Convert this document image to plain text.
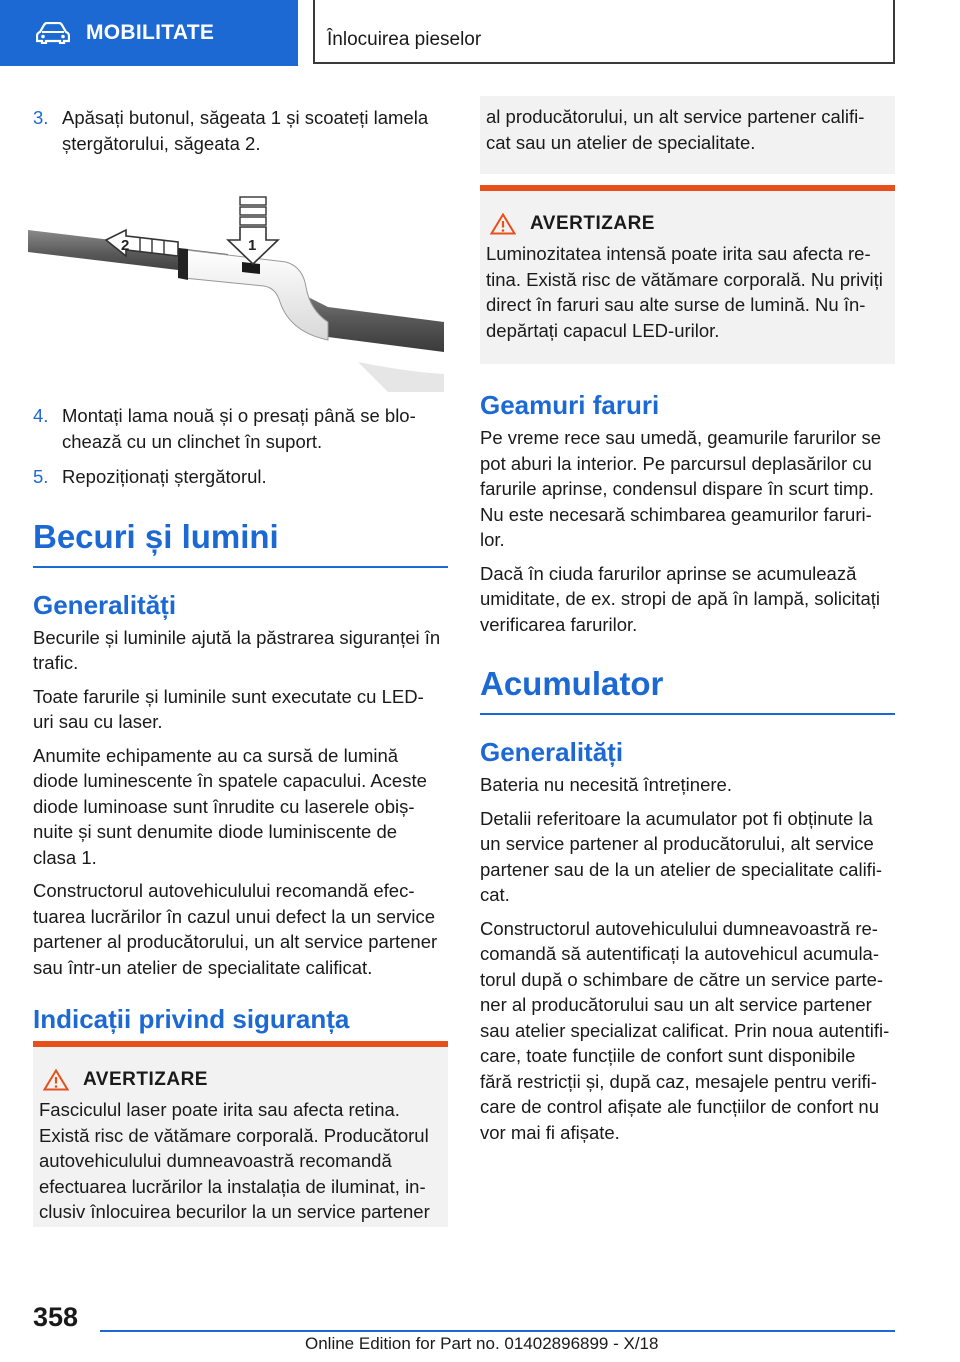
MOBILITATE	Înlocuirea pieselor
3. Apăsați butonul, săgeata 1 și scoateți lamela
ștergătorului, săgeata 2.
2	1
4. Montați lama nouă și o presați până se blo-
chează cu un clinchet în suport.
5. Repoziționați ștergătorul.
Becuri și lumini
Generalități

Becurile și luminile ajută la păstrarea siguranței în
trafic.

Toate farurile și luminile sunt executate cu LED-
uri sau cu laser.

Anumite echipamente au ca sursă de lumină
diode luminescente în spatele capacului. Aceste
diode luminoase sunt înrudite cu laserele obiș-
nuite și sunt denumite diode luminiscente de
clasa 1.

Constructorul autovehiculului recomandă efec-
tuarea lucrărilor în cazul unui defect la un service
partener al producătorului, un alt service partener
sau într-un atelier de specialitate calificat.

Indicații privind siguranța
AVERTIZARE

Fasciculul laser poate irita sau afecta retina.
Există risc de vătămare corporală. Producătorul
autovehiculului dumneavoastră recomandă
efectuarea lucrărilor la instalația de iluminat, in-
clusiv înlocuirea becurilor la un service partener

al producătorului, un alt service partener califi-
cat sau un atelier de specialitate.

AVERTIZARE

Luminozitatea intensă poate irita sau afecta re-
tina. Există risc de vătămare corporală. Nu priviți
direct în faruri sau alte surse de lumină. Nu în-
depărtați capacul LED-urilor.

Geamuri faruri

Pe vreme rece sau umedă, geamurile farurilor se
pot aburi la interior. Pe parcursul deplasărilor cu
farurile aprinse, condensul dispare în scurt timp.
Nu este necesară schimbarea geamurilor faruri-
lor.

Dacă în ciuda farurilor aprinse se acumulează
umiditate, de ex. stropi de apă în lampă, solicitați
verificarea farurilor.

Acumulator
Generalități

Bateria nu necesită întreținere.

Detalii referitoare la acumulator pot fi obținute la
un service partener al producătorului, alt service
partener sau de la un atelier de specialitate califi-
cat.

Constructorul autovehiculului dumneavoastră re-
comandă să autentificați la autovehicul acumula-
torul după o schimbare de către un service parte-
ner al producătorului sau un alt service partener
sau atelier specializat calificat. Prin noua autentifi-
care, toate funcțiile de confort sunt disponibile
fără restricții și, după caz, mesajele pentru verifi-
care de control afișate ale funcțiilor de confort nu
vor mai fi afișate.

358
Online Edition for Part no. 01402896899 - X/18
